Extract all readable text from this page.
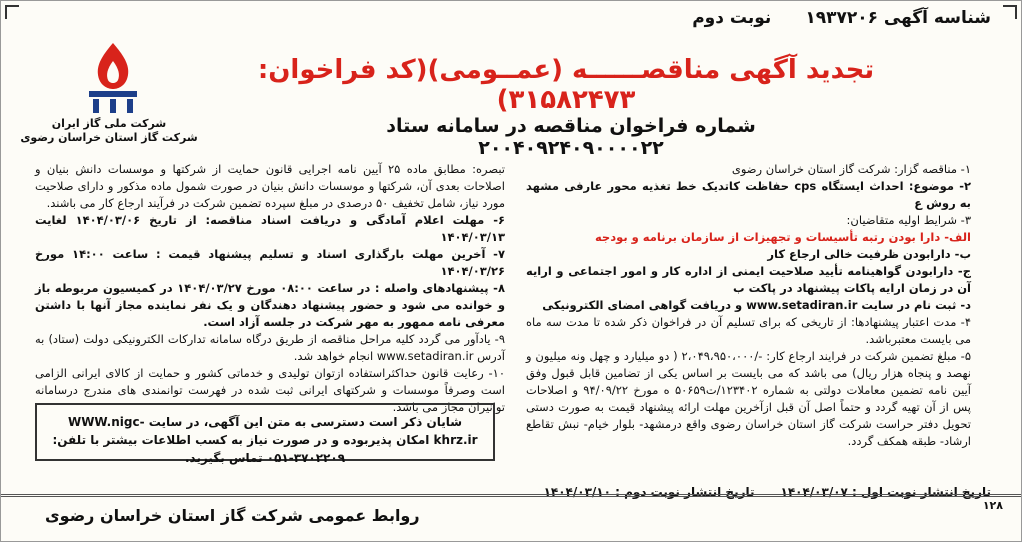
شناسه آگهی ۱۹۳۷۲۰۶
نوبت دوم
شرکت ملی گاز ایران
شرکت گاز استان خراسان رضوی
تجدید آگهی مناقصــــــه (عمــومی)(کد فراخوان: ۳۱۵۸۲۴۷۳)
شماره فراخوان مناقصه در سامانه ستاد ۲۰۰۴۰۹۲۴۰۹۰۰۰۰۲۲

۱- مناقصه گزار: شرکت گاز استان خراسان رضوی

۲- موضوع: احداث ایستگاه cps حفاظت کاتدیک خط تغذیه محور عارفی مشهد به روش ع

۳- شرایط اولیه متقاضیان:

الف- دارا بودن رتبه تأسیسات و تجهیزات از سازمان برنامه و بودجه

ب- دارابودن ظرفیت خالی ارجاع کار

ج- دارابودن گواهینامه تأیید صلاحیت ایمنی از اداره کار و امور اجتماعی و ارایه آن در زمان ارایه پاکات پیشنهاد در پاکت ب

د- ثبت نام در سایت www.setadiran.ir و دریافت گواهی امضای الکترونیکی

۴- مدت اعتبار پیشنهادها: از تاریخی که برای تسلیم آن در فراخوان ذکر شده تا مدت سه ماه می بایست معتبرباشد.

۵- مبلغ تضمین شرکت در فرایند ارجاع کار: -/۲،۰۴۹،۹۵۰،۰۰۰ ( دو میلیارد و چهل ونه میلیون و نهصد و پنجاه هزار ریال) می باشد که می بایست بر اساس یکی از تضامین قابل قبول وفق آیین نامه تضمین معاملات دولتی به شماره ۱۲۳۴۰۲/ت۵۰۶۵۹ ه مورخ ۹۴/۰۹/۲۲ و اصلاحات پس از آن تهیه گردد و حتماً اصل آن قبل ازآخرین مهلت ارائه پیشنهاد قیمت به صورت دستی تحویل دفتر حراست شرکت گاز استان خراسان رضوی واقع درمشهد- بلوار خیام- نبش تقاطع ارشاد- طبقه همکف گردد.

تبصره: مطابق ماده ۲۵ آیین نامه اجرایی قانون حمایت از شرکتها و موسسات دانش بنیان و اصلاحات بعدی آن، شرکتها و موسسات دانش بنیان در صورت شمول ماده مذکور و دارای صلاحیت مورد نیاز، شامل تخفیف ۵۰ درصدی در مبلغ سپرده تضمین شرکت در فرآیند ارجاع کار می باشند.

۶- مهلت اعلام آمادگی و دریافت اسناد مناقصه: از تاریخ ۱۴۰۴/۰۳/۰۶ لغایت ۱۴۰۴/۰۳/۱۳

۷- آخرین مهلت بارگذاری اسناد و تسلیم پیشنهاد قیمت : ساعت ۱۴:۰۰ مورخ ۱۴۰۴/۰۳/۲۶

۸- پیشنهادهای واصله : در ساعت ۰۸:۰۰ مورخ ۱۴۰۴/۰۳/۲۷ در کمیسیون مربوطه باز و خوانده می شود و حضور پیشنهاد دهندگان و یک نفر نماینده مجاز آنها با داشتن معرفی نامه ممهور به مهر شرکت در جلسه آزاد است.

۹- یادآور می گردد کلیه مراحل مناقصه از طریق درگاه سامانه تدارکات الکترونیکی دولت (ستاد) به آدرس www.setadiran.ir انجام خواهد شد.

۱۰- رعایت قانون حداکثراستفاده ازتوان تولیدی و خدماتی کشور و حمایت از کالای ایرانی الزامی است وصرفاً موسسات و شرکتهای ایرانی ثبت شده در فهرست توانمندی های مندرج درسامانه توانیران مجاز می باشد.

شایان ذکر است دسترسی به متن این آگهی، در سایت WWW.nigc-khrz.ir امکان پذیربوده و در صورت نیاز به کسب اطلاعات بیشتر با تلفن: ۳۷۰۲۲۰۹-۰۵۱ تماس بگیرید.
تاریخ انتشار نوبت اول : ۱۴۰۴/۰۳/۰۷
تاریخ انتشار نوبت دوم : ۱۴۰۴/۰۳/۱۰
روابط عمومی شرکت گاز استان خراسان رضوی
۱۲۸
